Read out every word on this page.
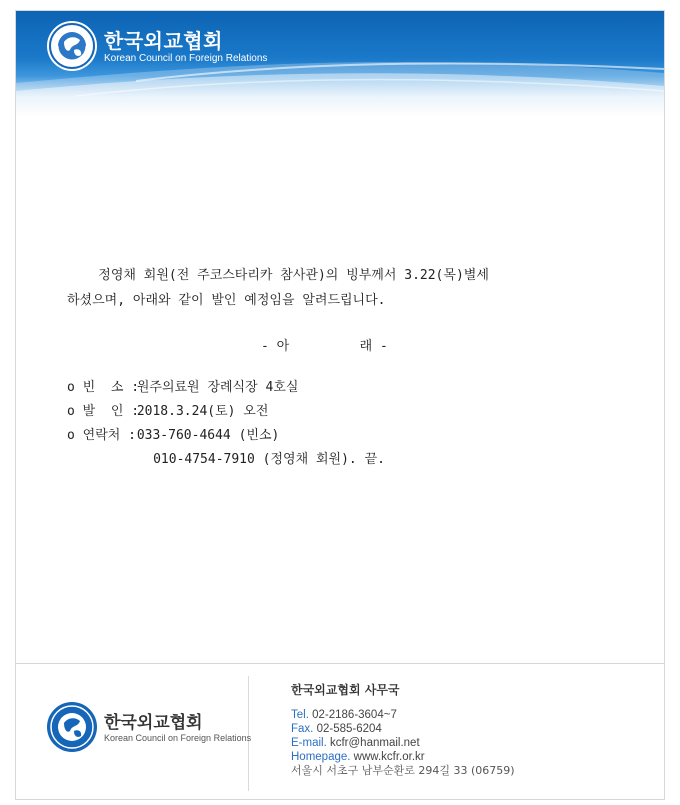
한국외교협회
Korean Council on Foreign Relations
한국외교협회
Korean Council on Foreign Relations
한국외교협회 사무국
Tel. 02-2186-3604~7
Fax. 02-585-6204
E-mail. kcfr@hanmail.net
Homepage. www.kcfr.or.kr
서울시 서초구 남부순환로 294길 33 (06759)
정영채 회원(전 주코스타리카 참사관)의 빙부께서 3.22(목)별세
하셨으며, 아래와 같이 발인 예정임을 알려드립니다.
- 아         래 -
o 빈  소 : 원주의료원 장례식장 4호실
o 발  인 : 2018.3.24(토) 오전
o 연락처 : 033-760-4644 (빈소)
010-4754-7910 (정영채 회원). 끝.
